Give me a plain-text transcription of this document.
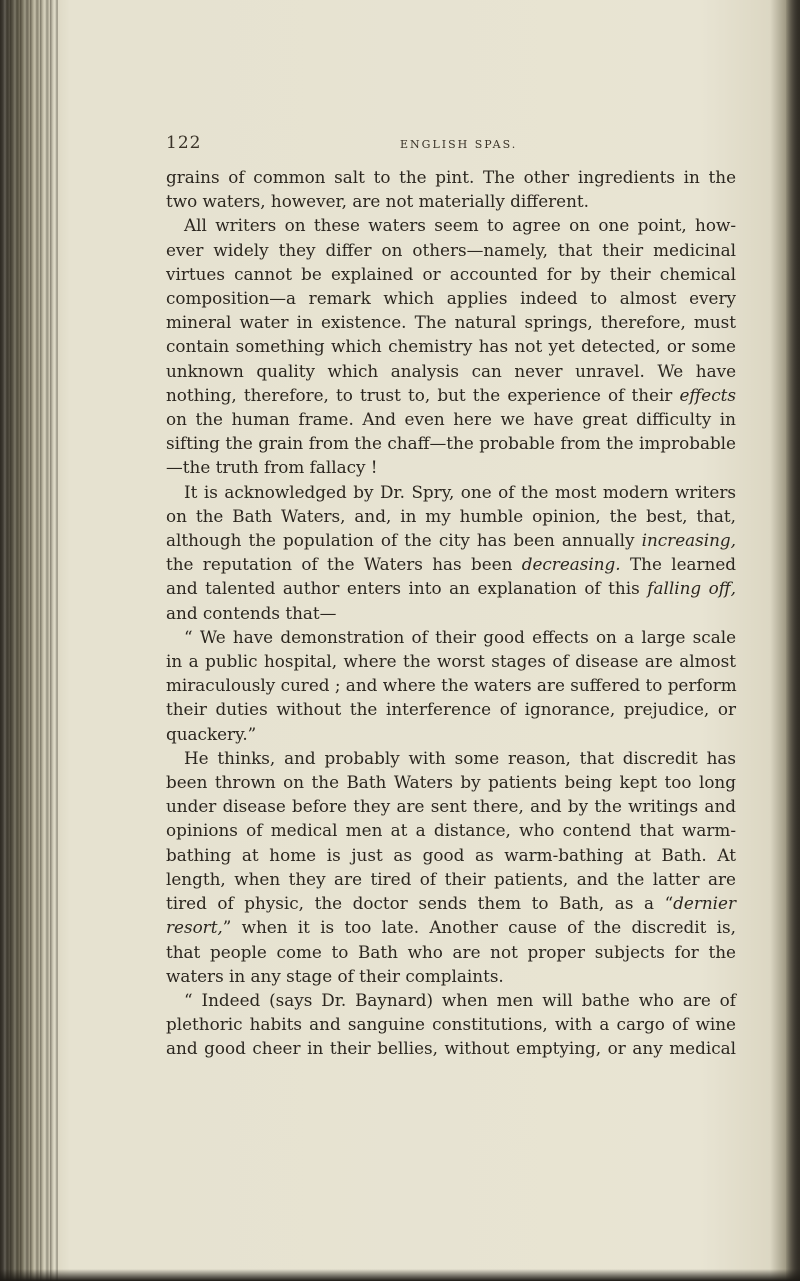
122	ENGLISH SPAS.
grains of common salt to the pint. The other ingredients in the
two waters, however, are not materially different.
All writers on these waters seem to agree on one point, how-
ever widely they differ on others—namely, that their medicinal
virtues cannot be explained or accounted for by their chemical
composition—a remark which applies indeed to almost every
mineral water in existence. The natural springs, therefore, must
contain something which chemistry has not yet detected, or some
unknown quality which analysis can never unravel. We have
nothing, therefore, to trust to, but the experience of their effects
on the human frame. And even here we have great difficulty in
sifting the grain from the chaff—the probable from the improbable
—the truth from fallacy !
It is acknowledged by Dr. Spry, one of the most modern writers
on the Bath Waters, and, in my humble opinion, the best, that,
although the population of the city has been annually increasing,
the reputation of the Waters has been decreasing. The learned
and talented author enters into an explanation of this falling off,
and contends that—
“ We have demonstration of their good effects on a large scale
in a public hospital, where the worst stages of disease are almost
miraculously cured ; and where the waters are suffered to perform
their duties without the interference of ignorance, prejudice, or
quackery.”
He thinks, and probably with some reason, that discredit has
been thrown on the Bath Waters by patients being kept too long
under disease before they are sent there, and by the writings and
opinions of medical men at a distance, who contend that warm-
bathing at home is just as good as warm-bathing at Bath. At
length, when they are tired of their patients, and the latter are
tired of physic, the doctor sends them to Bath, as a “dernier
resort,” when it is too late. Another cause of the discredit is,
that people come to Bath who are not proper subjects for the
waters in any stage of their complaints.
“ Indeed (says Dr. Baynard) when men will bathe who are of
plethoric habits and sanguine constitutions, with a cargo of wine
and good cheer in their bellies, without emptying, or any medical
